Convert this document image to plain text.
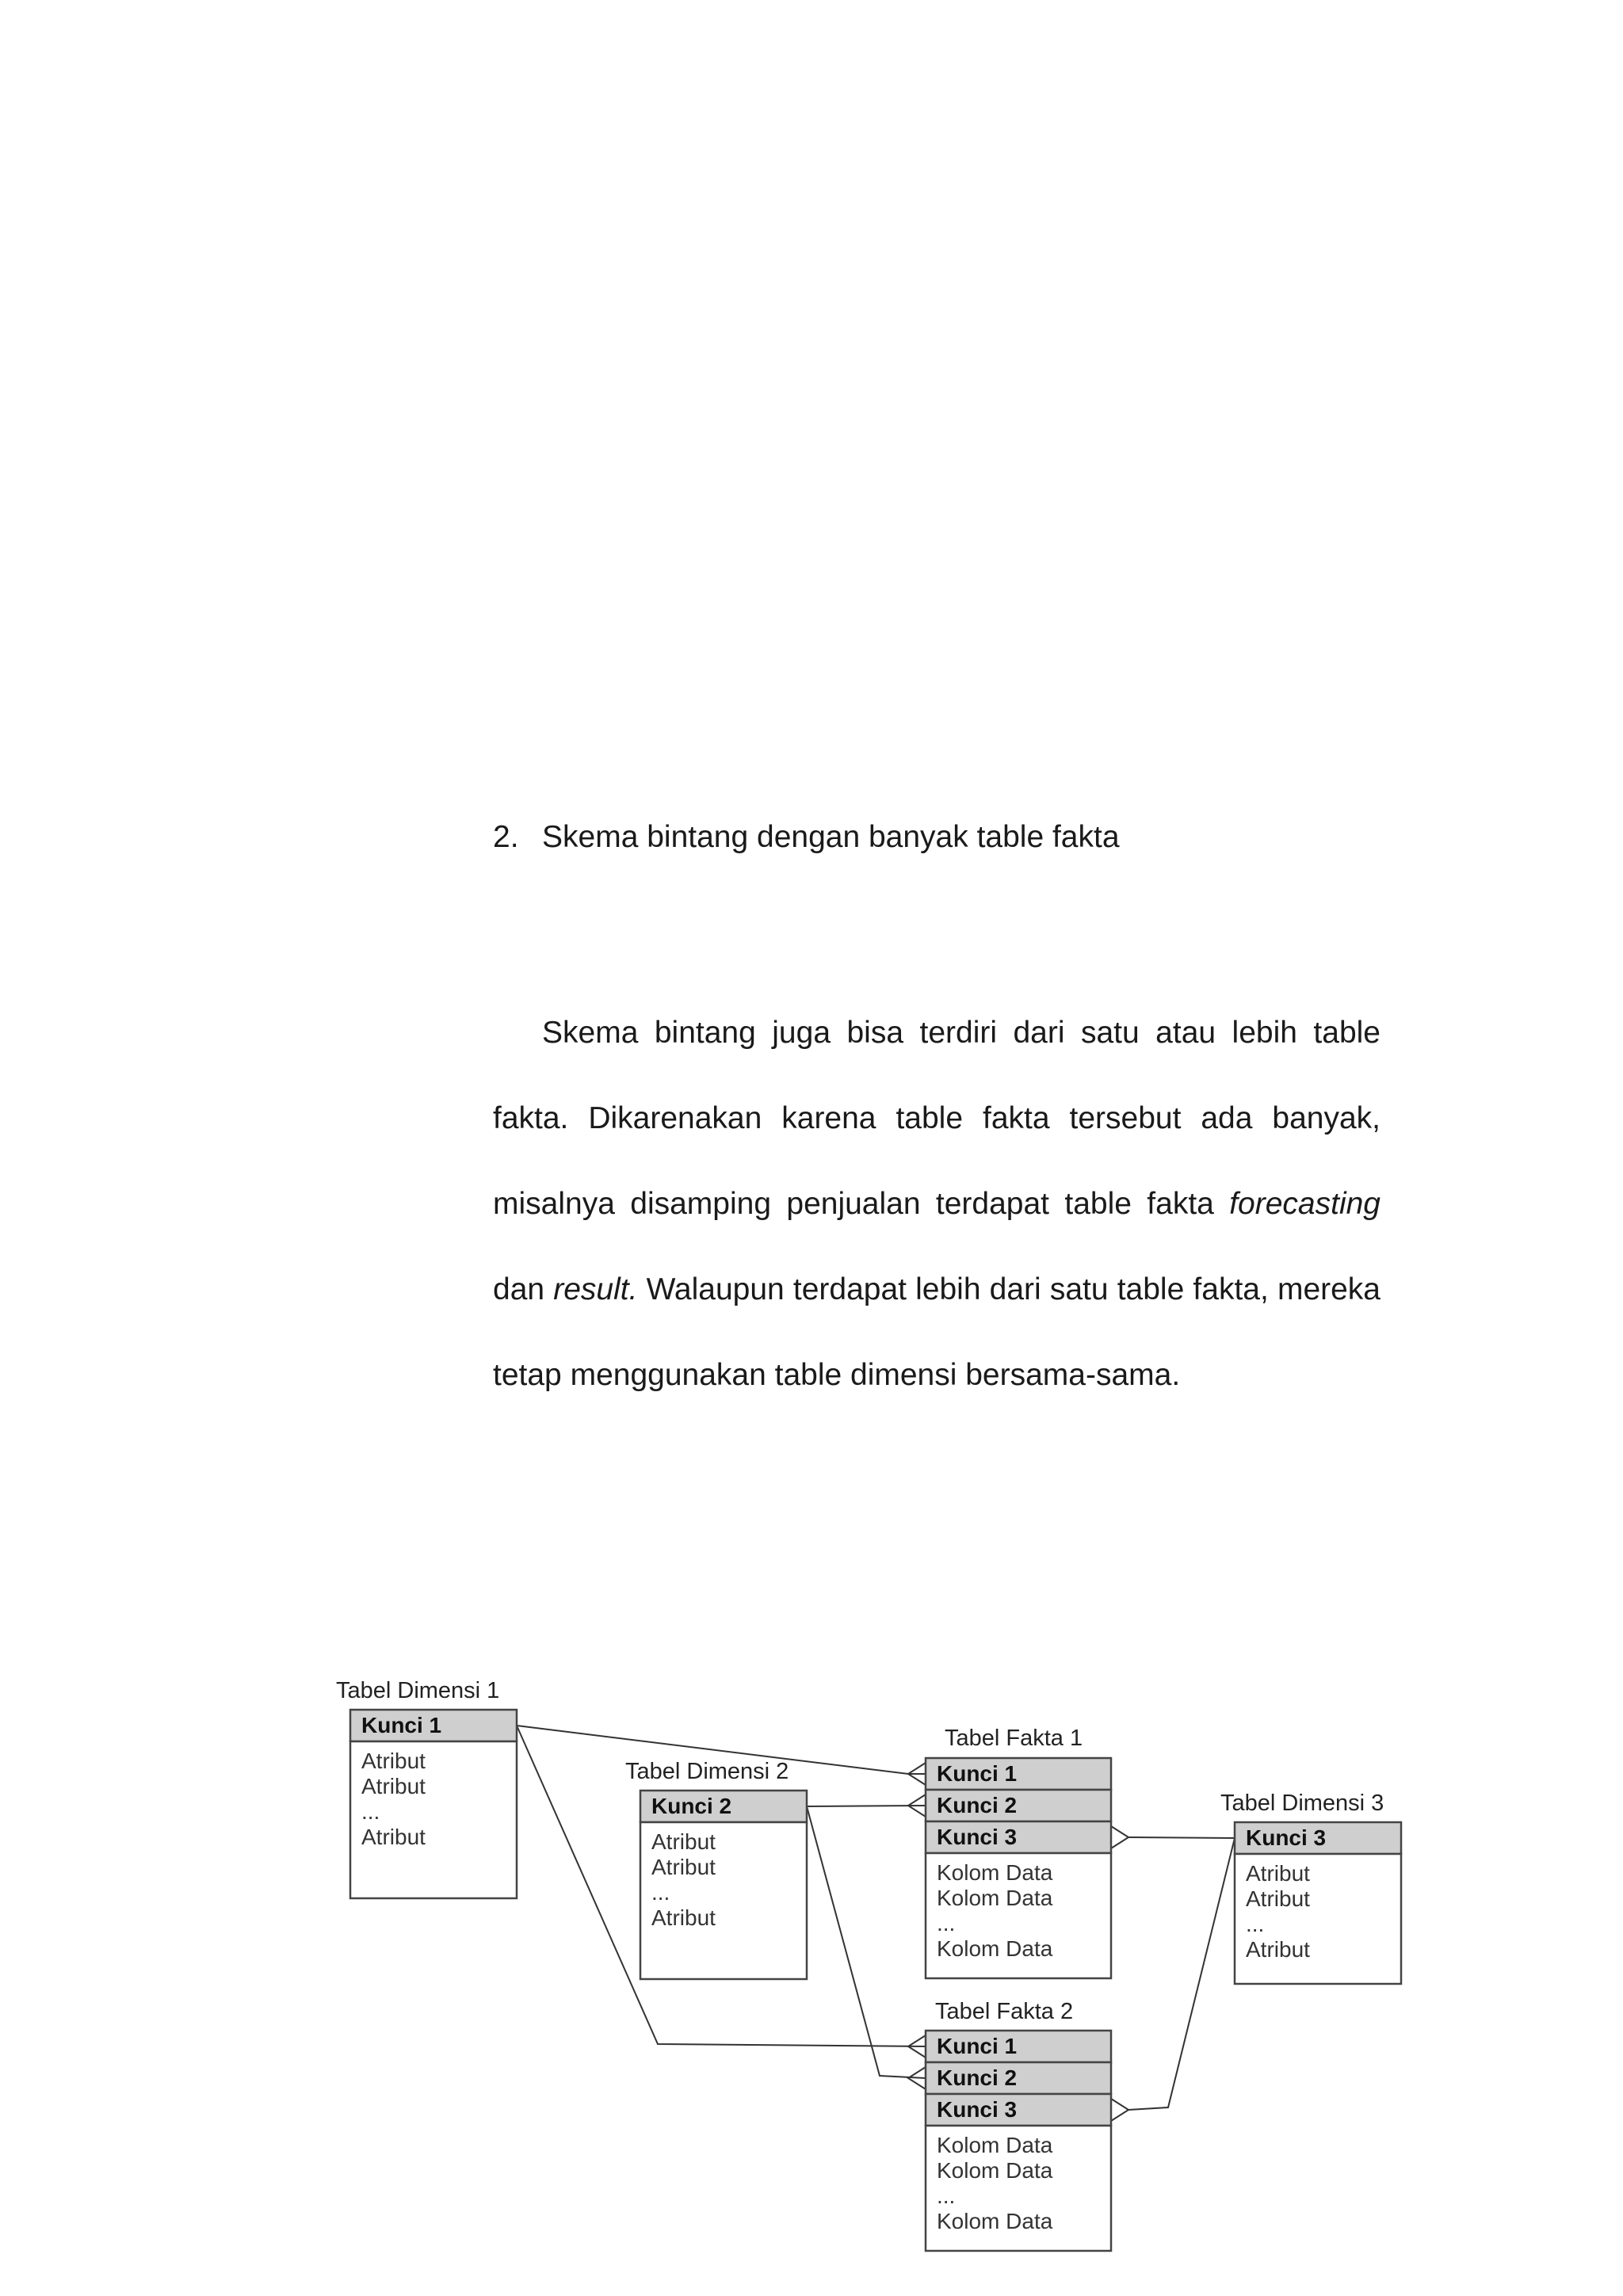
2. Skema bintang dengan banyak table fakta

Skema bintang juga bisa terdiri dari satu atau lebih table fakta. Dikarenakan karena table fakta tersebut ada banyak, misalnya disamping penjualan terdapat table fakta forecasting dan result. Walaupun terdapat lebih dari satu table fakta, mereka tetap menggunakan table dimensi bersama-sama.

Tabel Dimensi 1
Kunci 1
Atribut
Atribut
...
Atribut
Tabel Dimensi 2
Kunci 2
Atribut
Atribut
...
Atribut
Tabel Fakta 1
Kunci 1
Kunci 2
Kunci 3
Kolom Data
Kolom Data
...
Kolom Data
Tabel Dimensi 3
Kunci 3
Atribut
Atribut
...
Atribut
Tabel Fakta 2
Kunci 1
Kunci 2
Kunci 3
Kolom Data
Kolom Data
...
Kolom Data
